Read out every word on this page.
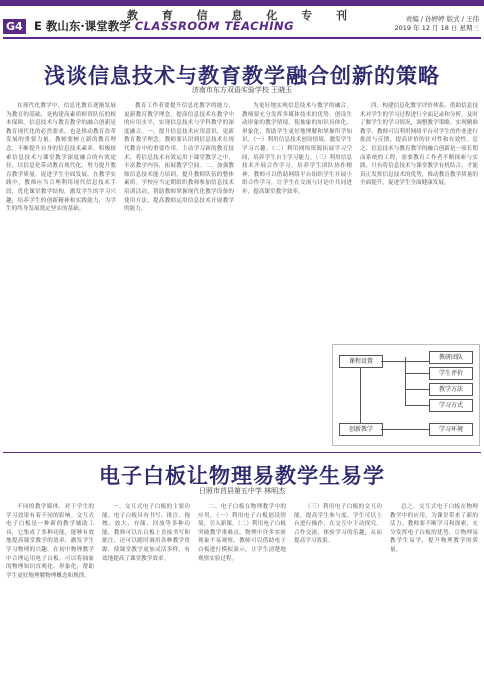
教 育 信 息 化 专 刊
G4 E 教山东·课堂教学 CLASSROOM TEACHING	责编 / 孙婷婷 版式 / 王伟
2019 年 12 月 18 日 星期三
浅谈信息技术与教育教学融合创新的策略
济南市东方双语实验学校 王晓玉

在现代化教学中，信息化教育逐渐发展为教育的基础，是构建高素质师资队伍的根本保障。信息技术与教育教学的融合创新是教育现代化的必然要求，也是推动教育改革发展的重要力量。教师要树立新的教育理念，不断提升自身的信息技术素养，积极探索信息技术与课堂教学深度融合的有效途径，以信息化带动教育现代化，努力提升教育教学质量，促进学生全面发展。在教学实践中，教师应当合理利用现代信息技术手段，优化课堂教学结构，激发学生的学习兴趣，培养学生的创新精神和实践能力，为学生的终身发展奠定坚实的基础。

教育工作者要提升信息化教学的能力，更新教育教学理念，提高信息技术在教学中的应用水平，实现信息技术与学科教学的深度融合。一、提升信息技术应用意识，更新教育教学理念。教师要认识到信息技术在现代教育中的重要作用，主动学习新的教育技术，将信息技术有效运用于课堂教学之中，丰富教学内容，拓展教学空间。二、加强教师信息技术能力培训，提升教师队伍的整体素质。学校应当定期组织教师参加信息技术培训活动，帮助教师掌握现代化教学设备的使用方法，提高教师运用信息技术开展教学的能力。

为更好地实现信息技术与教学的融合，教师要充分发挥多媒体技术的优势，创设生动形象的教学情境，使抽象的知识具体化、形象化，帮助学生更好地理解和掌握所学知识。（一）利用信息技术创设情境，激发学生学习兴趣。（二）利用网络资源拓展学习空间，培养学生自主学习能力。（三）利用信息技术开展合作学习，培养学生团队协作精神。教师可以借助网络平台组织学生开展小组合作学习，让学生在交流与讨论中共同进步，提高课堂教学效率。

四、构建信息化教学评价体系。借助信息技术对学生的学习过程进行全面记录和分析，及时了解学生的学习情况，调整教学策略，实现精准教学。教师可以利用网络平台对学生的作业进行批改与反馈，提高评价的针对性和有效性。总之，信息技术与教育教学的融合创新是一项长期而系统的工程，需要教育工作者不断探索与实践。只有将信息技术与课堂教学有机结合，才能真正发挥信息技术的优势，推动教育教学质量的全面提升，促进学生全面健康发展。

课程设置
教研团队
学生评价
教学方法
学习方式
创新教学	学习环境
电子白板让物理易教学生易学
日照市莒县第五中学 林明杰

不同的教学媒体，对于学生的学习效果有着不同的影响。交互式电子白板是一种新的教学辅助工具，它集成了多种功能，能够有效地提高课堂教学的效率，激发学生学习物理的兴趣。在初中物理教学中合理运用电子白板，可以将抽象的物理知识直观化、形象化，帮助学生更好地理解物理概念和规律。

一、交互式电子白板的主要功能。电子白板具有书写、批注、拖拽、放大、存储、回放等多种功能，教师可以在白板上直接书写和批注，还可以随时调用各种教学资源，使课堂教学更加灵活多样，有效地提高了课堂教学效率。

二、电子白板在物理教学中的应用。（一）利用电子白板创设情境，引入新课。（二）利用电子白板突破教学重难点。物理中许多实验现象不易观察，教师可以借助电子白板进行模拟演示，让学生清楚地观察实验过程。

（三）利用电子白板的交互功能，提高学生参与度。学生可以上台进行操作，在交互中主动探究、合作交流，体验学习的乐趣，从而提高学习效果。

总之，交互式电子白板在物理教学中的应用，为课堂带来了新的活力。教师要不断学习和探索，充分发挥电子白板的优势，让物理易教学生易学，提升物理教学的质量。
